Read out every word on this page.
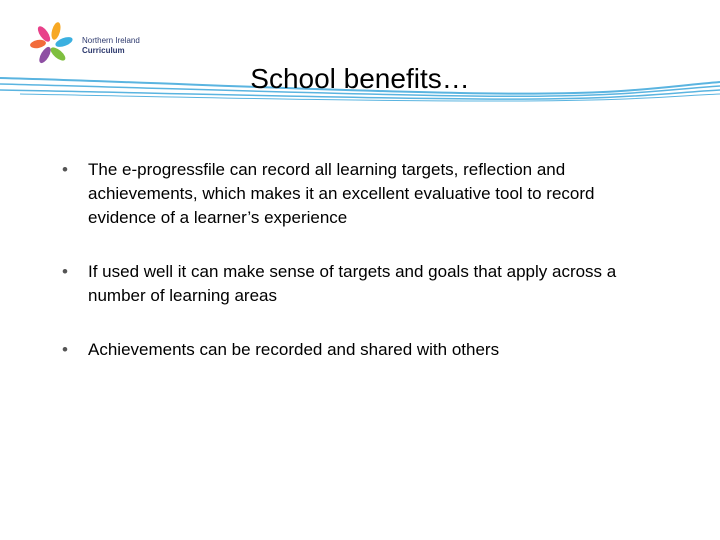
Northern Ireland
Curriculum
School benefits…
• The e-progressfile can record all learning targets, reflection and achievements, which makes it an excellent evaluative tool to record evidence of a learner’s experience
• If used well it can make sense of targets and goals that apply across a number of learning areas
• Achievements can be recorded and shared with others
